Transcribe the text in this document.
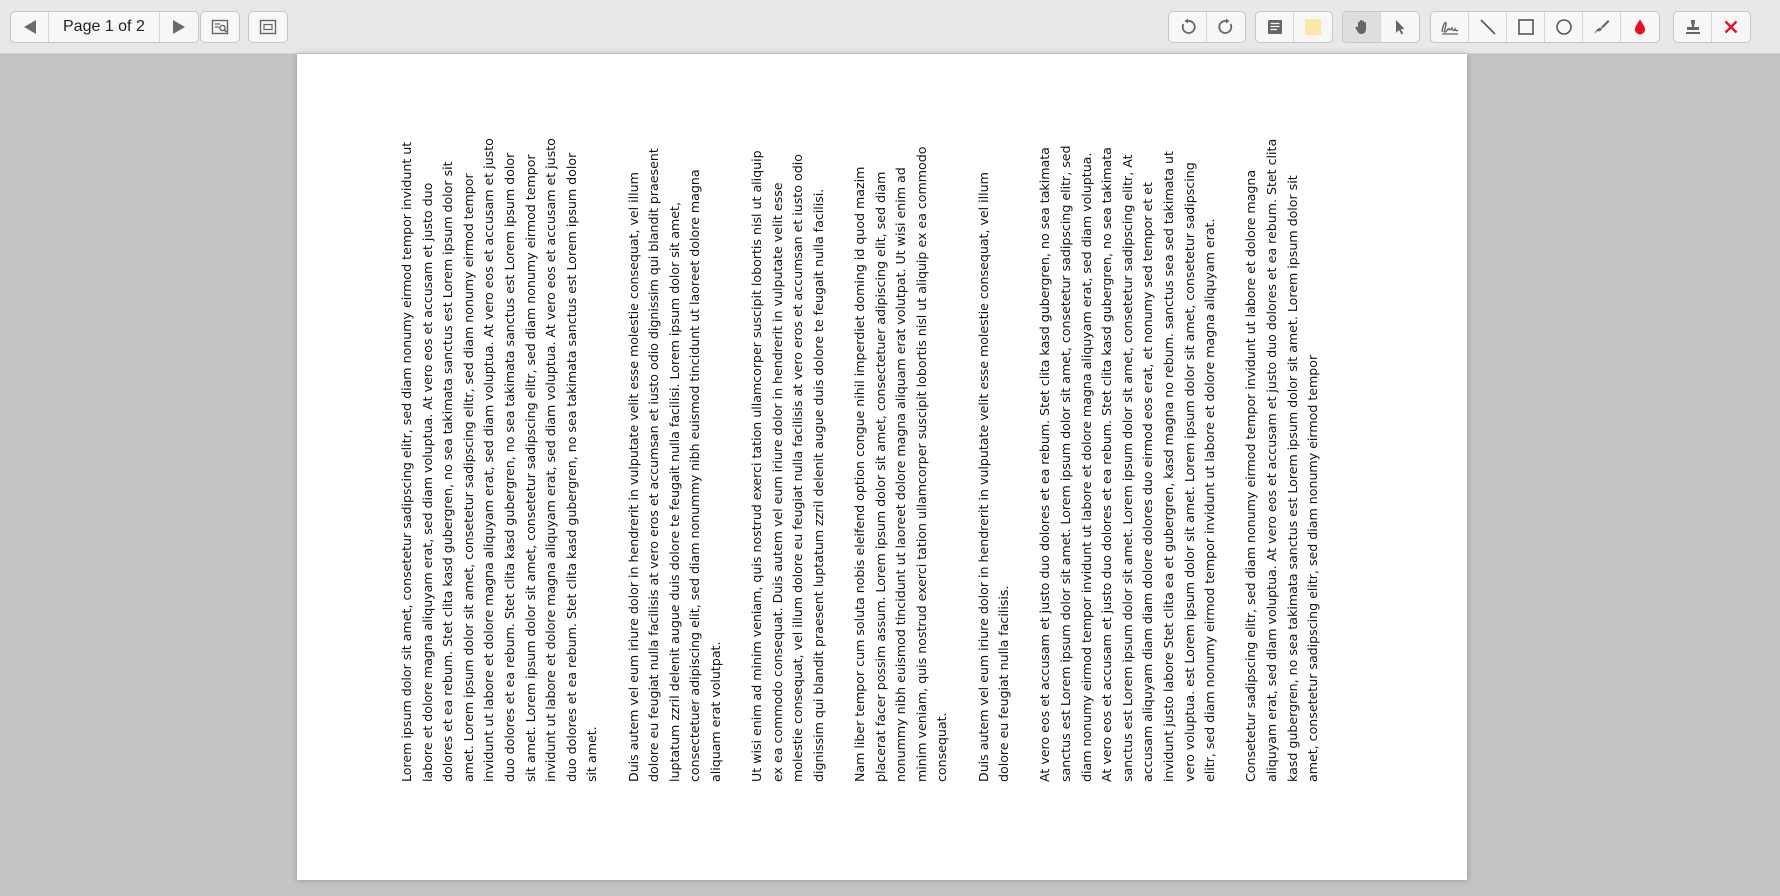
Page 1 of 2

Lorem ipsum dolor sit amet, consetetur sadipscing elitr, sed diam nonumy eirmod tempor invidunt ut labore et dolore magna aliquyam erat, sed diam voluptua. At vero eos et accusam et justo duo dolores et ea rebum. Stet clita kasd gubergren, no sea takimata sanctus est Lorem ipsum dolor sit amet. Lorem ipsum dolor sit amet, consetetur sadipscing elitr, sed diam nonumy eirmod tempor invidunt ut labore et dolore magna aliquyam erat, sed diam voluptua. At vero eos et accusam et justo duo dolores et ea rebum. Stet clita kasd gubergren, no sea takimata sanctus est Lorem ipsum dolor sit amet. Lorem ipsum dolor sit amet, consetetur sadipscing elitr, sed diam nonumy eirmod tempor invidunt ut labore et dolore magna aliquyam erat, sed diam voluptua. At vero eos et accusam et justo duo dolores et ea rebum. Stet clita kasd gubergren, no sea takimata sanctus est Lorem ipsum dolor sit amet. Duis autem vel eum iriure dolor in hendrerit in vulputate velit esse molestie consequat, vel illum dolore eu feugiat nulla facilisis at vero eros et accumsan et iusto odio dignissim qui blandit praesent luptatum zzril delenit augue duis dolore te feugait nulla facilisi. Lorem ipsum dolor sit amet, consectetuer adipiscing elit, sed diam nonummy nibh euismod tincidunt ut laoreet dolore magna aliquam erat volutpat. Ut wisi enim ad minim veniam, quis nostrud exerci tation ullamcorper suscipit lobortis nisl ut aliquip ex ea commodo consequat. Duis autem vel eum iriure dolor in hendrerit in vulputate velit esse molestie consequat, vel illum dolore eu feugiat nulla facilisis at vero eros et accumsan et iusto odio dignissim qui blandit praesent luptatum zzril delenit augue duis dolore te feugait nulla facilisi. Nam liber tempor cum soluta nobis eleifend option congue nihil imperdiet doming id quod mazim placerat facer possim assum. Lorem ipsum dolor sit amet, consectetuer adipiscing elit, sed diam nonummy nibh euismod tincidunt ut laoreet dolore magna aliquam erat volutpat. Ut wisi enim ad minim veniam, quis nostrud exerci tation ullamcorper suscipit lobortis nisl ut aliquip ex ea commodo consequat. Duis autem vel eum iriure dolor in hendrerit in vulputate velit esse molestie consequat, vel illum dolore eu feugiat nulla facilisis. At vero eos et accusam et justo duo dolores et ea rebum. Stet clita kasd gubergren, no sea takimata sanctus est Lorem ipsum dolor sit amet. Lorem ipsum dolor sit amet, consetetur sadipscing elitr, sed diam nonumy eirmod tempor invidunt ut labore et dolore magna aliquyam erat, sed diam voluptua. At vero eos et accusam et justo duo dolores et ea rebum. Stet clita kasd gubergren, no sea takimata sanctus est Lorem ipsum dolor sit amet. Lorem ipsum dolor sit amet, consetetur sadipscing elitr, At accusam aliquyam diam diam dolore dolores duo eirmod eos erat, et nonumy sed tempor et et invidunt justo labore Stet clita ea et gubergren, kasd magna no rebum. sanctus sea sed takimata ut vero voluptua. est Lorem ipsum dolor sit amet. Lorem ipsum dolor sit amet, consetetur sadipscing elitr, sed diam nonumy eirmod tempor invidunt ut labore et dolore magna aliquyam erat. Consetetur sadipscing elitr, sed diam nonumy eirmod tempor invidunt ut labore et dolore magna aliquyam erat, sed diam voluptua. At vero eos et accusam et justo duo dolores et ea rebum. Stet clita kasd gubergren, no sea takimata sanctus est Lorem ipsum dolor sit amet. Lorem ipsum dolor sit amet, consetetur sadipscing elitr, sed diam nonumy eirmod tempor
